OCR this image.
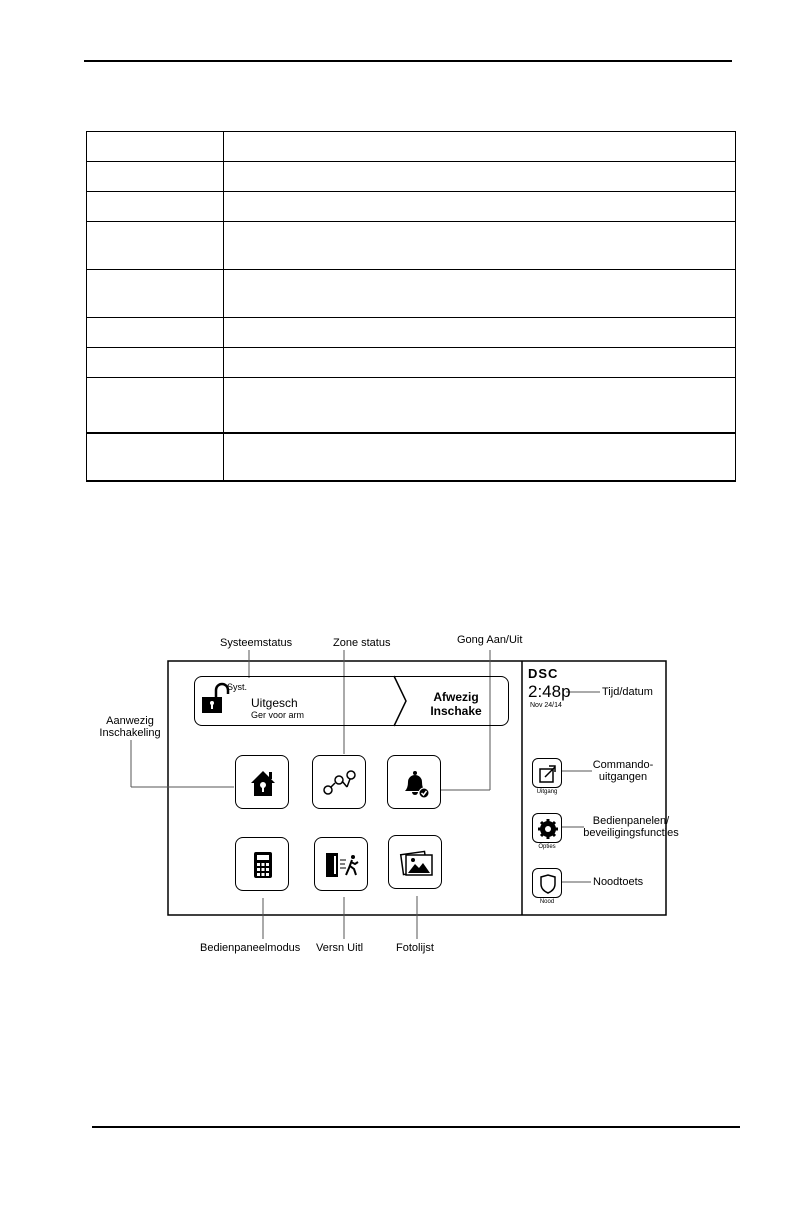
Syst.
Uitgesch
Ger voor arm
Afwezig
Inschake
DSC
2:48p
Nov 24/14
Uitgang
Opties
Nood
Systeemstatus	Zone status	Gong Aan/Uit
Tijd/datum
Aanwezig
Inschakeling
Commando-
uitgangen
Bedienpanelen/
beveiligingsfuncties
Noodtoets
Bedienpaneelmodus Versn Uitl	Fotolijst
